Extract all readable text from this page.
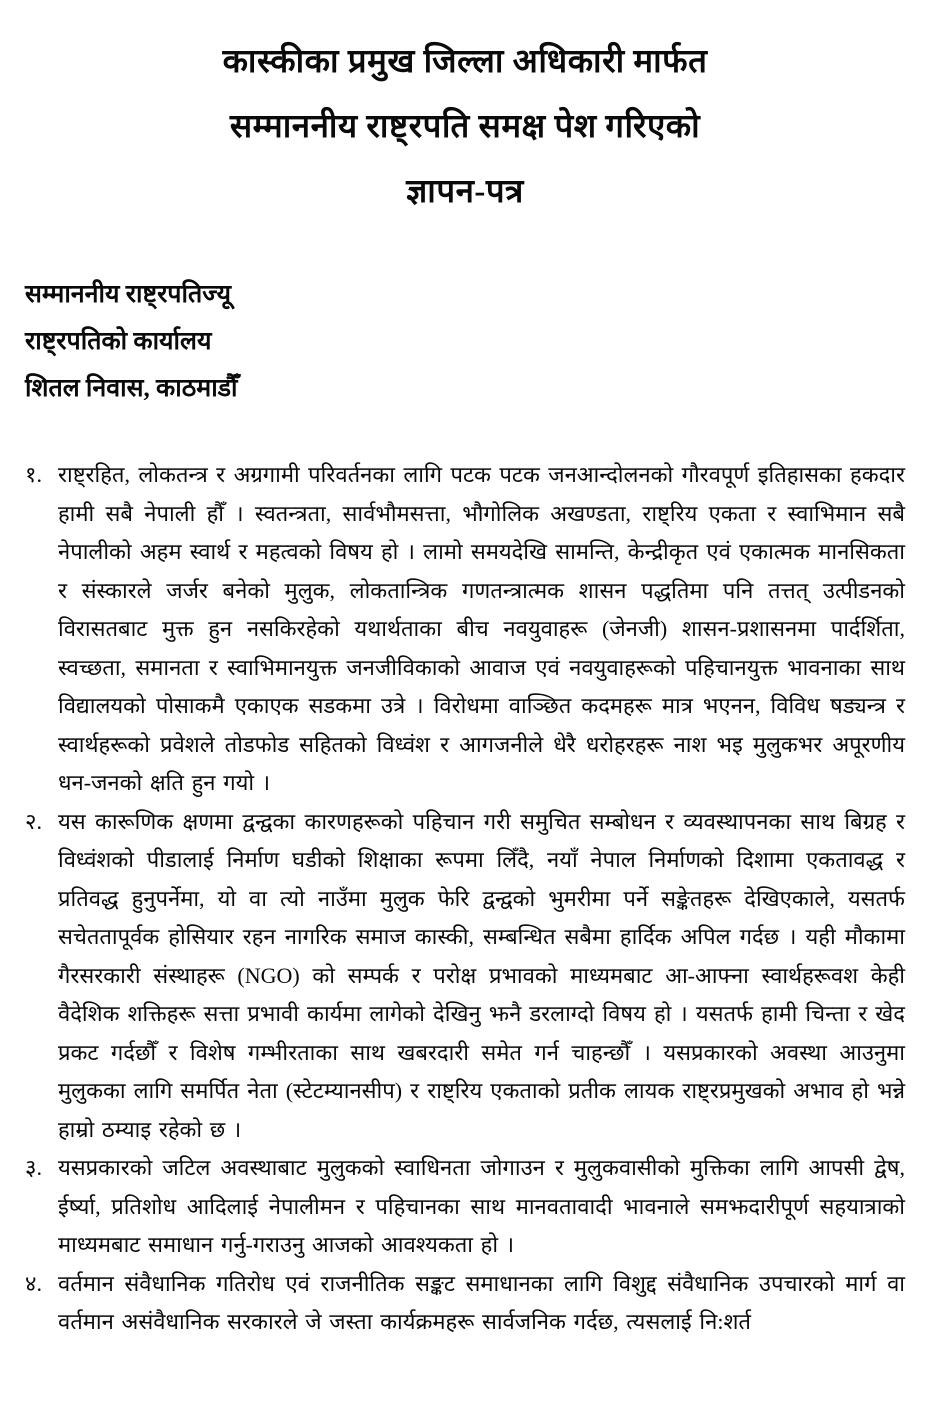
कास्कीका प्रमुख जिल्ला अधिकारी मार्फत
सम्माननीय राष्ट्रपति समक्ष पेश गरिएको
ज्ञापन-पत्र
सम्माननीय राष्ट्रपतिज्यू
राष्ट्रपतिको कार्यालय
शितल निवास, काठमाडौँ
१. राष्ट्रहित, लोकतन्त्र र अग्रगामी परिवर्तनका लागि पटक पटक जनआन्दोलनको गौरवपूर्ण इतिहासका हकदार हामी सबै नेपाली हौँ । स्वतन्त्रता, सार्वभौमसत्ता, भौगोलिक अखण्डता, राष्ट्रिय एकता र स्वाभिमान सबै नेपालीको अहम स्वार्थ र महत्वको विषय हो । लामो समयदेखि सामन्ति, केन्द्रीकृत एवं एकात्मक मानसिकता र संस्कारले जर्जर बनेको मुलुक, लोकतान्त्रिक गणतन्त्रात्मक शासन पद्धतिमा पनि तत्तत् उत्पीडनको विरासतबाट मुक्त हुन नसकिरहेको यथार्थताका बीच नवयुवाहरू (जेनजी) शासन-प्रशासनमा पार्दर्शिता, स्वच्छता, समानता र स्वाभिमानयुक्त जनजीविकाको आवाज एवं नवयुवाहरूको पहिचानयुक्त भावनाका साथ विद्यालयको पोसाकमै एकाएक सडकमा उत्रे । विरोधमा वाञ्छित कदमहरू मात्र भएनन, विविध षड्यन्त्र र स्वार्थहरूको प्रवेशले तोडफोड सहितको विध्वंश र आगजनीले धेरै धरोहरहरू नाश भइ मुलुकभर अपूरणीय धन-जनको क्षति हुन गयो ।
२. यस कारूणिक क्षणमा द्वन्द्वका कारणहरूको पहिचान गरी समुचित सम्बोधन र व्यवस्थापनका साथ बिग्रह र विध्वंशको पीडालाई निर्माण घडीको शिक्षाका रूपमा लिँदै, नयाँ नेपाल निर्माणको दिशामा एकतावद्ध र प्रतिवद्ध हुनुपर्नेमा, यो वा त्यो नाउँमा मुलुक फेरि द्वन्द्वको भुमरीमा पर्ने सङ्केतहरू देखिएकाले, यसतर्फ सचेततापूर्वक होसियार रहन नागरिक समाज कास्की, सम्बन्धित सबैमा हार्दिक अपिल गर्दछ । यही मौकामा गैरसरकारी संस्थाहरू (NGO) को सम्पर्क र परोक्ष प्रभावको माध्यमबाट आ-आफ्ना स्वार्थहरूवश केही वैदेशिक शक्तिहरू सत्ता प्रभावी कार्यमा लागेको देखिनु झनै डरलाग्दो विषय हो । यसतर्फ हामी चिन्ता र खेद प्रकट गर्दछौँ र विशेष गम्भीरताका साथ खबरदारी समेत गर्न चाहन्छौँ । यसप्रकारको अवस्था आउनुमा मुलुकका लागि समर्पित नेता (स्टेटम्यानसीप) र राष्ट्रिय एकताको प्रतीक लायक राष्ट्रप्रमुखको अभाव हो भन्ने हाम्रो ठम्याइ रहेको छ ।
३. यसप्रकारको जटिल अवस्थाबाट मुलुकको स्वाधिनता जोगाउन र मुलुकवासीको मुक्तिका लागि आपसी द्वेष, ईर्ष्या, प्रतिशोध आदिलाई नेपालीमन र पहिचानका साथ मानवतावादी भावनाले समझदारीपूर्ण सहयात्राको माध्यमबाट समाधान गर्नु-गराउनु आजको आवश्यकता हो ।
४. वर्तमान संवैधानिक गतिरोध एवं राजनीतिक सङ्कट समाधानका लागि विशुद्द संवैधानिक उपचारको मार्ग वा वर्तमान असंवैधानिक सरकारले जे जस्ता कार्यक्रमहरू सार्वजनिक गर्दछ, त्यसलाई नि:शर्त
